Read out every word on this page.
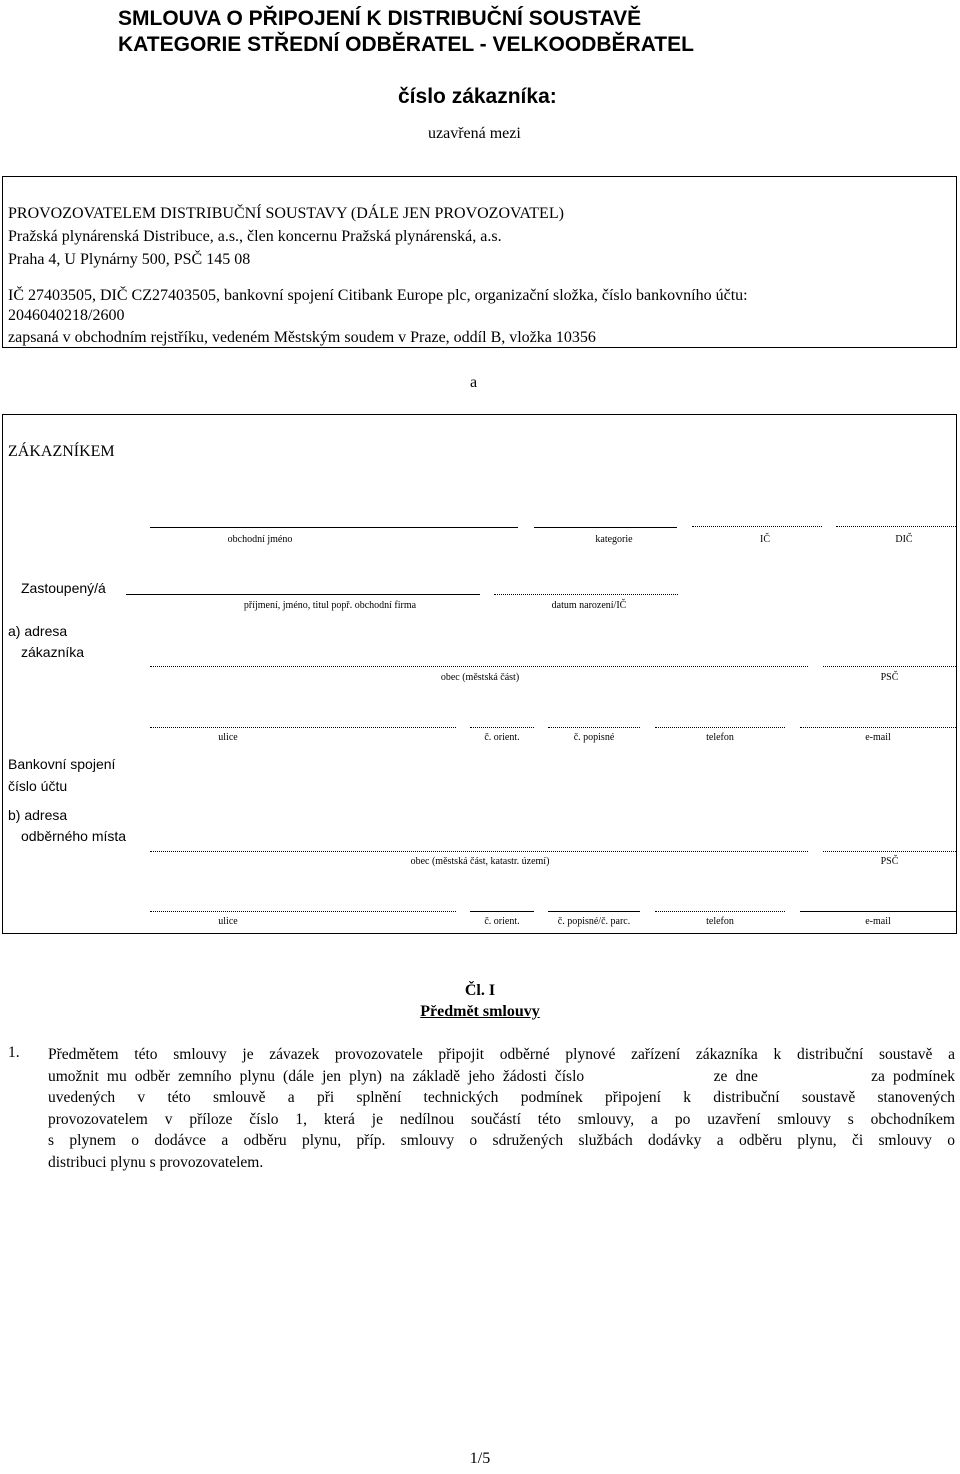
SMLOUVA O PŘIPOJENÍ K DISTRIBUČNÍ SOUSTAVĚ
KATEGORIE STŘEDNÍ ODBĚRATEL - VELKOODBĚRATEL
číslo zákazníka:
uzavřená mezi
PROVOZOVATELEM DISTRIBUČNÍ SOUSTAVY (DÁLE JEN PROVOZOVATEL)
Pražská plynárenská Distribuce, a.s., člen koncernu Pražská plynárenská, a.s.
Praha 4, U Plynárny 500, PSČ 145 08
IČ 27403505, DIČ CZ27403505, bankovní spojení Citibank Europe plc, organizační složka, číslo bankovního účtu:
2046040218/2600
zapsaná v obchodním rejstříku, vedeném Městským soudem v Praze, oddíl B, vložka 10356
a
ZÁKAZNÍKEM
obchodní jméno	kategorie	IČ	DIČ
Zastoupený/á
příjmení, jméno, titul popř. obchodní firma	datum narození/IČ
a) adresa
zákazníka
obec (městská část)	PSČ
ulice	č. orient.	č. popisné	telefon	e-mail
Bankovní spojení
číslo účtu
b) adresa
odběrného místa
obec (městská část, katastr. území)	PSČ
ulice	č. orient.	č. popisné/č. parc.	telefon	e-mail
Čl. I
Předmět smlouvy
1. Předmětem této smlouvy je závazek provozovatele připojit odběrné plynové zařízení zákazníka k distribuční soustavě a
umožnit mu odběr zemního plynu (dále jen plyn) na základě jeho žádosti číslo                ze dne              za podmínek
uvedených v této smlouvě a při splnění technických podmínek připojení k distribuční soustavě stanovených
provozovatelem v příloze číslo 1, která je nedílnou součástí této smlouvy, a po uzavření smlouvy s obchodníkem
s plynem o dodávce a odběru plynu, příp. smlouvy o sdružených službách dodávky a odběru plynu, či smlouvy o
distribuci plynu s provozovatelem.
1/5
